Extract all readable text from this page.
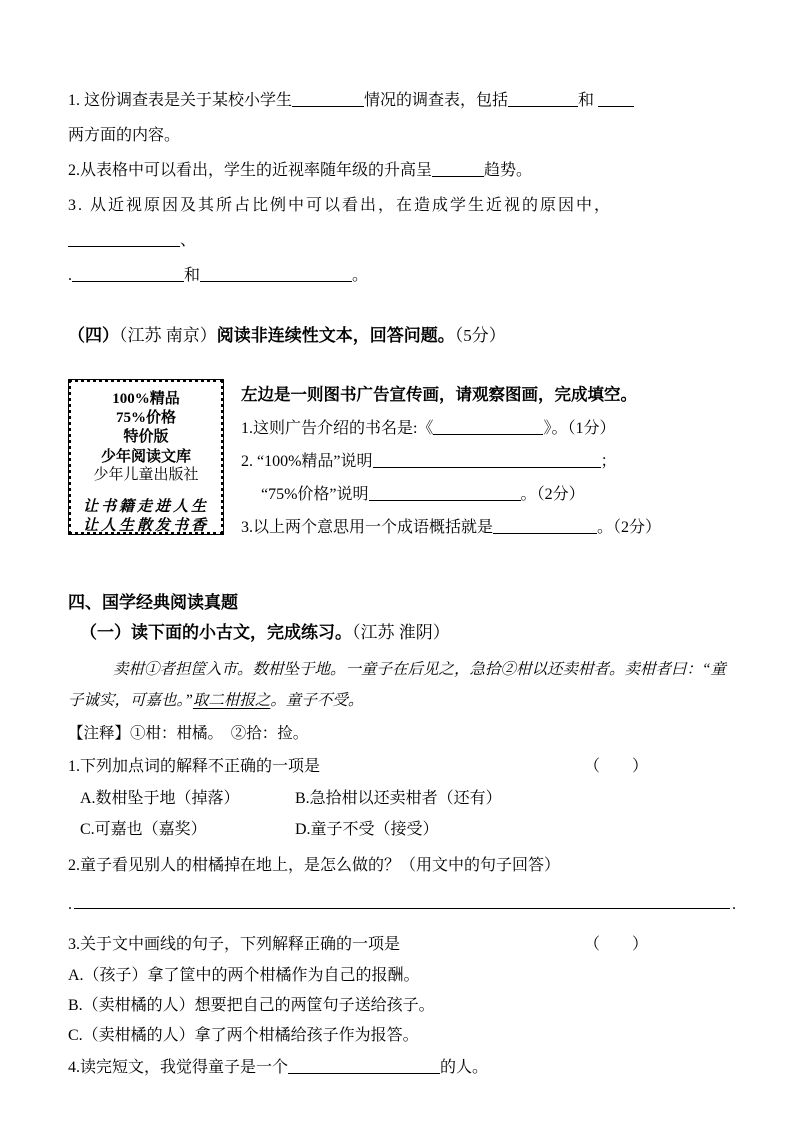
1. 这份调查表是关于某校小学生	情况的调查表，包括	和

两方面的内容。

2.从表格中可以看出，学生的近视率随年级的升高呈	趋势。

3. 从近视原因及其所占比例中可以看出，在造成学生近视的原因中，

、

.	和	。

（四）（江苏 南京）阅读非连续性文本，回答问题。（5分）

100%精品
75%价格
特价版
少年阅读文库
少年儿童出版社
让书籍走进人生
让人生散发书香

左边是一则图书广告宣传画，请观察图画，完成填空。

1.这则广告介绍的书名是:《	》。（1分）

2. “100%精品”说明	；

“75%价格”说明	。（2分）

3.以上两个意思用一个成语概括就是	。（2分）

四、国学经典阅读真题

（一）读下面的小古文，完成练习。（江苏 淮阴）

卖柑①者担筐入市。数柑坠于地。一童子在后见之，急拾②柑以还卖柑者。卖柑者曰：“童子诚实，可嘉也。”取二柑报之。童子不受。

【注释】①柑：柑橘。　②拾：捡。

1.下列加点词的解释不正确的一项是	（　　）
A.数柑坠于地（掉落）	B.急拾柑以还卖柑者（还有）
C.可嘉也（嘉奖）	D.童子不受（接受）

2.童子看见别人的柑橘掉在地上，是怎么做的？（用文中的句子回答）

.	.
3.关于文中画线的句子，下列解释正确的一项是	（　　）

A.（孩子）拿了筐中的两个柑橘作为自己的报酬。

B.（卖柑橘的人）想要把自己的两筐句子送给孩子。

C.（卖柑橘的人）拿了两个柑橘给孩子作为报答。

4.读完短文，我觉得童子是一个	的人。
